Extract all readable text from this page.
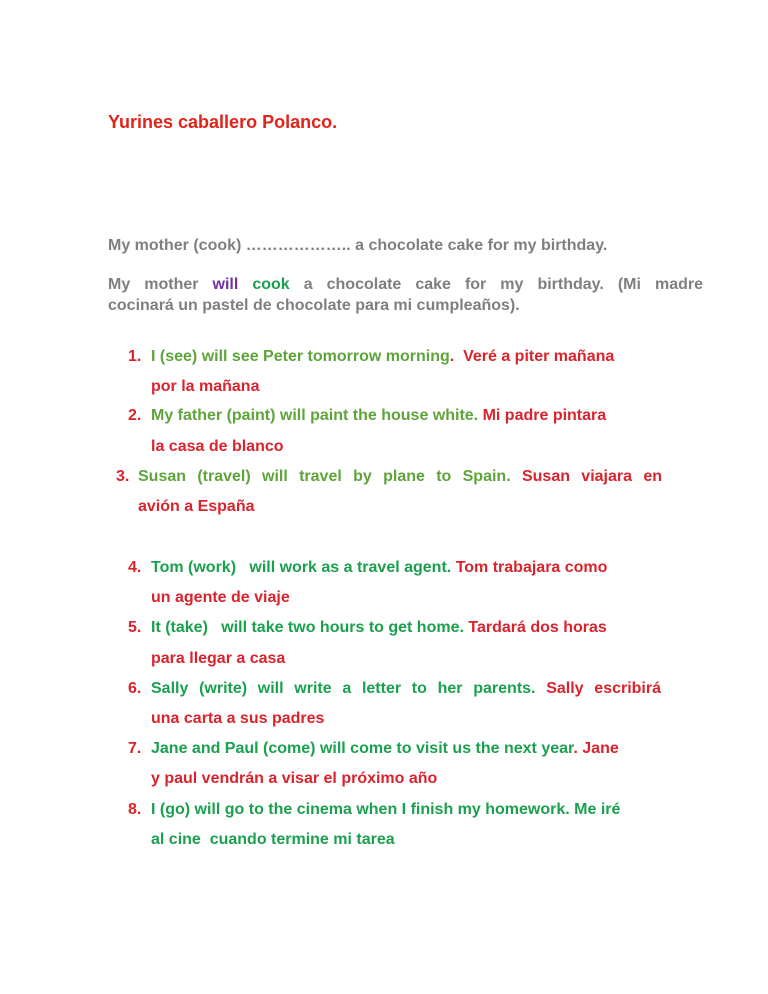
Yurines caballero Polanco.
My mother (cook) ……………….. a chocolate cake for my birthday.
My mother will cook a chocolate cake for my birthday. (Mi madre
cocinará un pastel de chocolate para mi cumpleaños).
1. I (see) will see Peter tomorrow morning. Veré a piter mañana
por la mañana
2. My father (paint) will paint the house white. Mi padre pintara
la casa de blanco
3. Susan (travel) will travel by plane to Spain. Susan viajara en
avión a España
4. Tom (work)   will work as a travel agent. Tom trabajara como
un agente de viaje
5. It (take)   will take two hours to get home. Tardará dos horas
para llegar a casa
6. Sally (write) will write a letter to her parents. Sally escribirá
una carta a sus padres
7. Jane and Paul (come) will come to visit us the next year. Jane
y paul vendrán a visar el próximo año
8. I (go) will go to the cinema when I finish my homework. Me iré
al cine  cuando termine mi tarea
